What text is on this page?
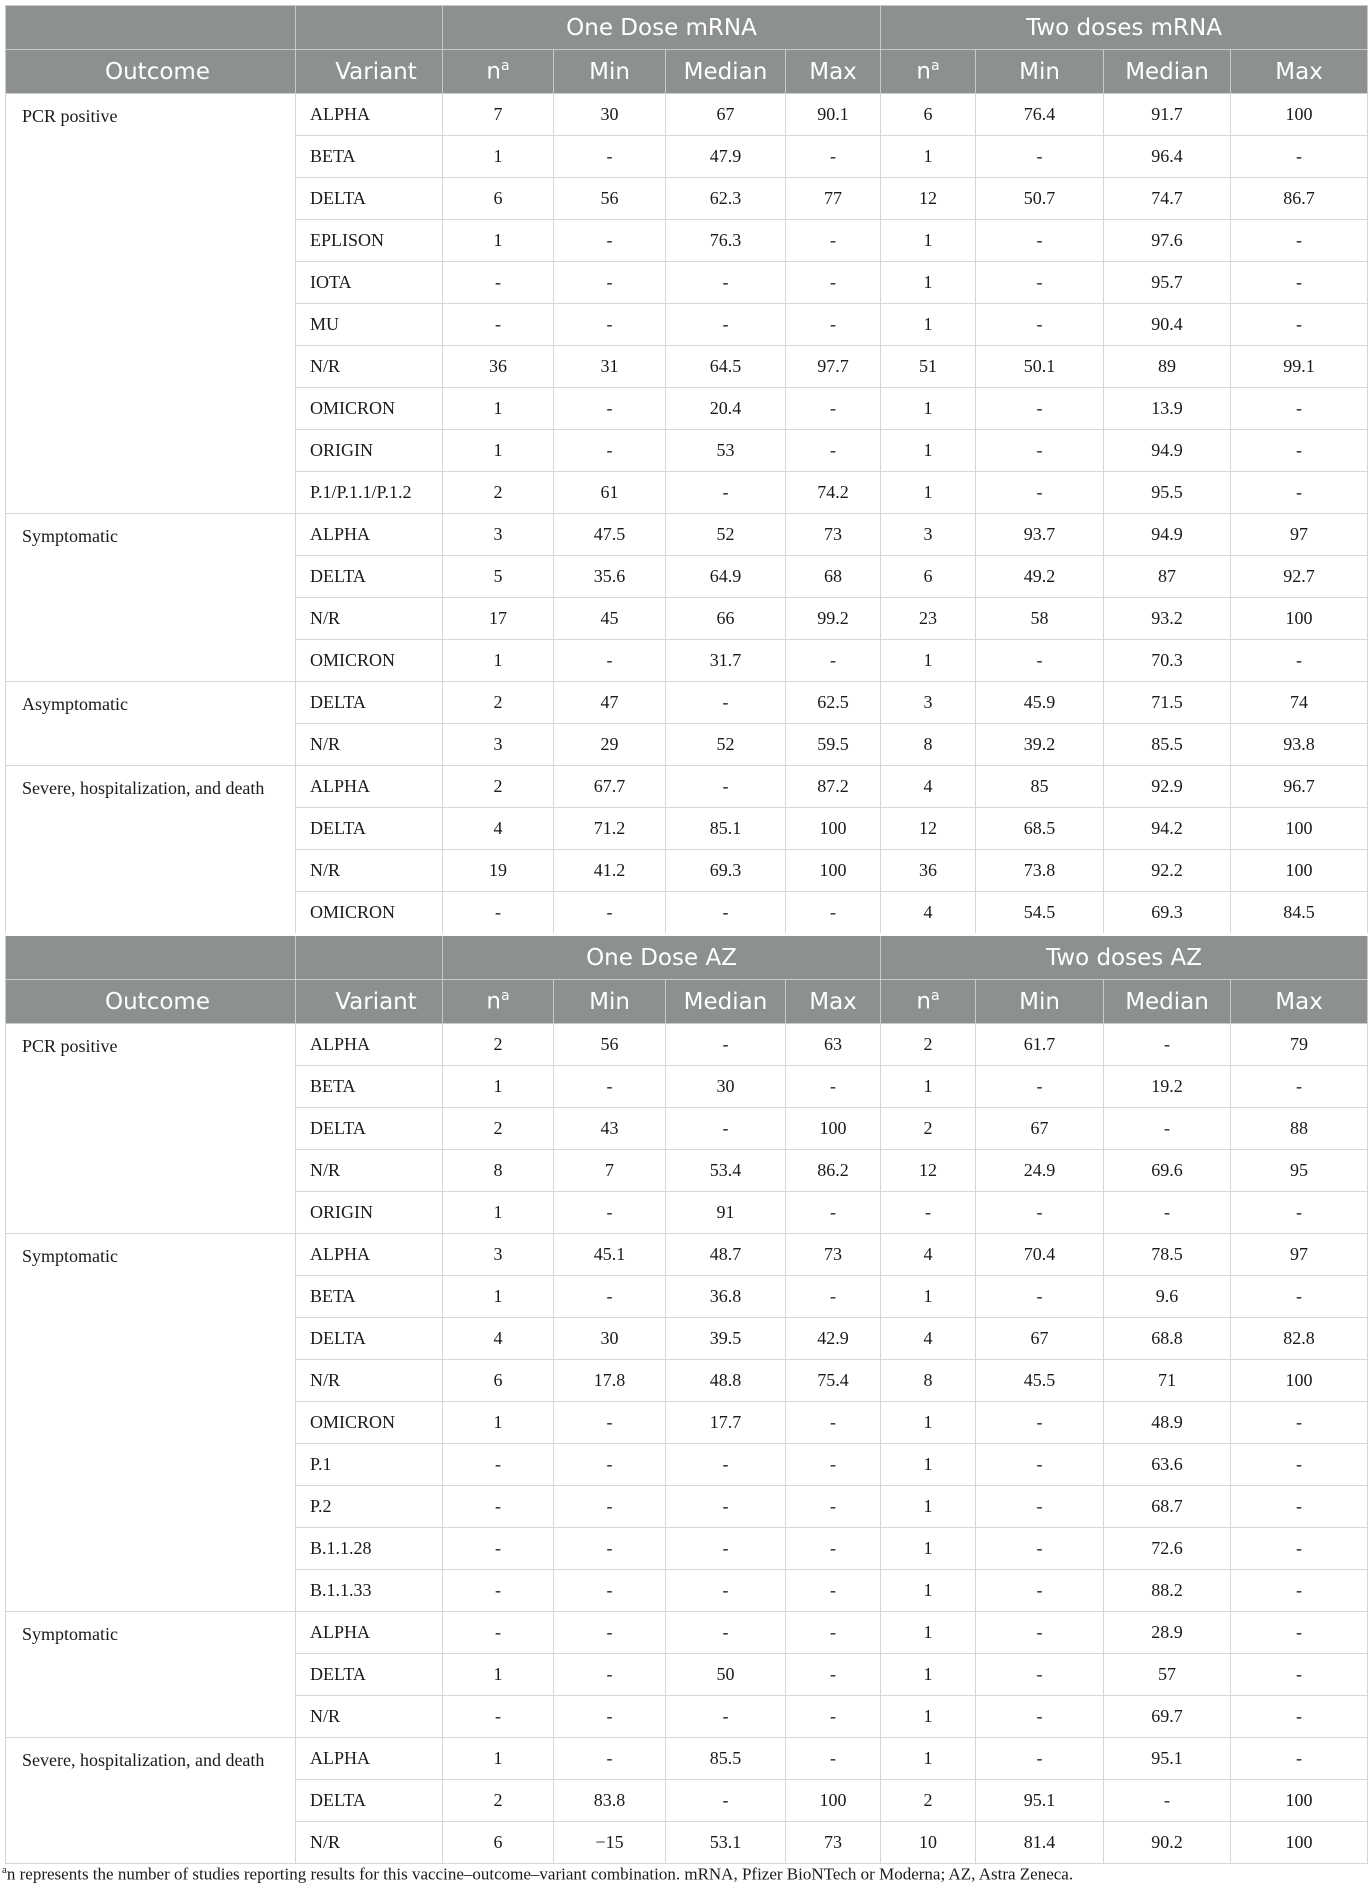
		One Dose mRNA				Two doses mRNA			
Outcome	Variant	$n^a$	Min	Median	Max	$n^a$	Min	Median	Max
PCR positive	ALPHA	7	30	67	90.1	6	76.4	91.7	100
	BETA	1	-	47.9	-	1	-	96.4	-
	DELTA	6	56	62.3	77	12	50.7	74.7	86.7
	EPLISON	1	-	76.3	-	1	-	97.6	-
	IOTA	-	-	-	-	1	-	95.7	-
	MU	-	-	-	-	1	-	90.4	-
	N/R	36	31	64.5	97.7	51	50.1	89	99.1
	OMICRON	1	-	20.4	-	1	-	13.9	-
	ORIGIN	1	-	53	-	1	-	94.9	-
	P.1/P.1.1/P.1.2	2	61	-	74.2	1	-	95.5	-
Symptomatic	ALPHA	3	47.5	52	73	3	93.7	94.9	97
	DELTA	5	35.6	64.9	68	6	49.2	87	92.7
	N/R	17	45	66	99.2	23	58	93.2	100
	OMICRON	1	-	31.7	-	1	-	70.3	-
Asymptomatic	DELTA	2	47	-	62.5	3	45.9	71.5	74
	N/R	3	29	52	59.5	8	39.2	85.5	93.8
Severe, hospitalization, and death	ALPHA	2	67.7	-	87.2	4	85	92.9	96.7
	DELTA	4	71.2	85.1	100	12	68.5	94.2	100
	N/R	19	41.2	69.3	100	36	73.8	92.2	100
	OMICRON	-	-	-	-	4	54.5	69.3	84.5
		One Dose AZ				Two doses AZ			
Outcome	Variant	$n^a$	Min	Median	Max	$n^a$	Min	Median	Max
PCR positive	ALPHA	2	56	-	63	2	61.7	-	79
	BETA	1	-	30	-	1	-	19.2	-
	DELTA	2	43	-	100	2	67	-	88
	N/R	8	7	53.4	86.2	12	24.9	69.6	95
	ORIGIN	1	-	91	-	-	-	-	-
Symptomatic	ALPHA	3	45.1	48.7	73	4	70.4	78.5	97
	BETA	1	-	36.8	-	1	-	9.6	-
	DELTA	4	30	39.5	42.9	4	67	68.8	82.8
	N/R	6	17.8	48.8	75.4	8	45.5	71	100
	OMICRON	1	-	17.7	-	1	-	48.9	-
	P.1	-	-	-	-	1	-	63.6	-
	P.2	-	-	-	-	1	-	68.7	-
	B.1.1.28	-	-	-	-	1	-	72.6	-
	B.1.1.33	-	-	-	-	1	-	88.2	-
Symptomatic	ALPHA	-	-	-	-	1	-	28.9	-
	DELTA	1	-	50	-	1	-	57	-
	N/R	-	-	-	-	1	-	69.7	-
Severe, hospitalization, and death	ALPHA	1	-	85.5	-	1	-	95.1	-
	DELTA	2	83.8	-	100	2	95.1	-	100
	N/R	6	−15	53.1	73	10	81.4	90.2	100
$^a$n represents the number of studies reporting results for this vaccine–outcome–variant combination. mRNA, Pfizer BioNTech or Moderna; AZ, Astra Zeneca.
